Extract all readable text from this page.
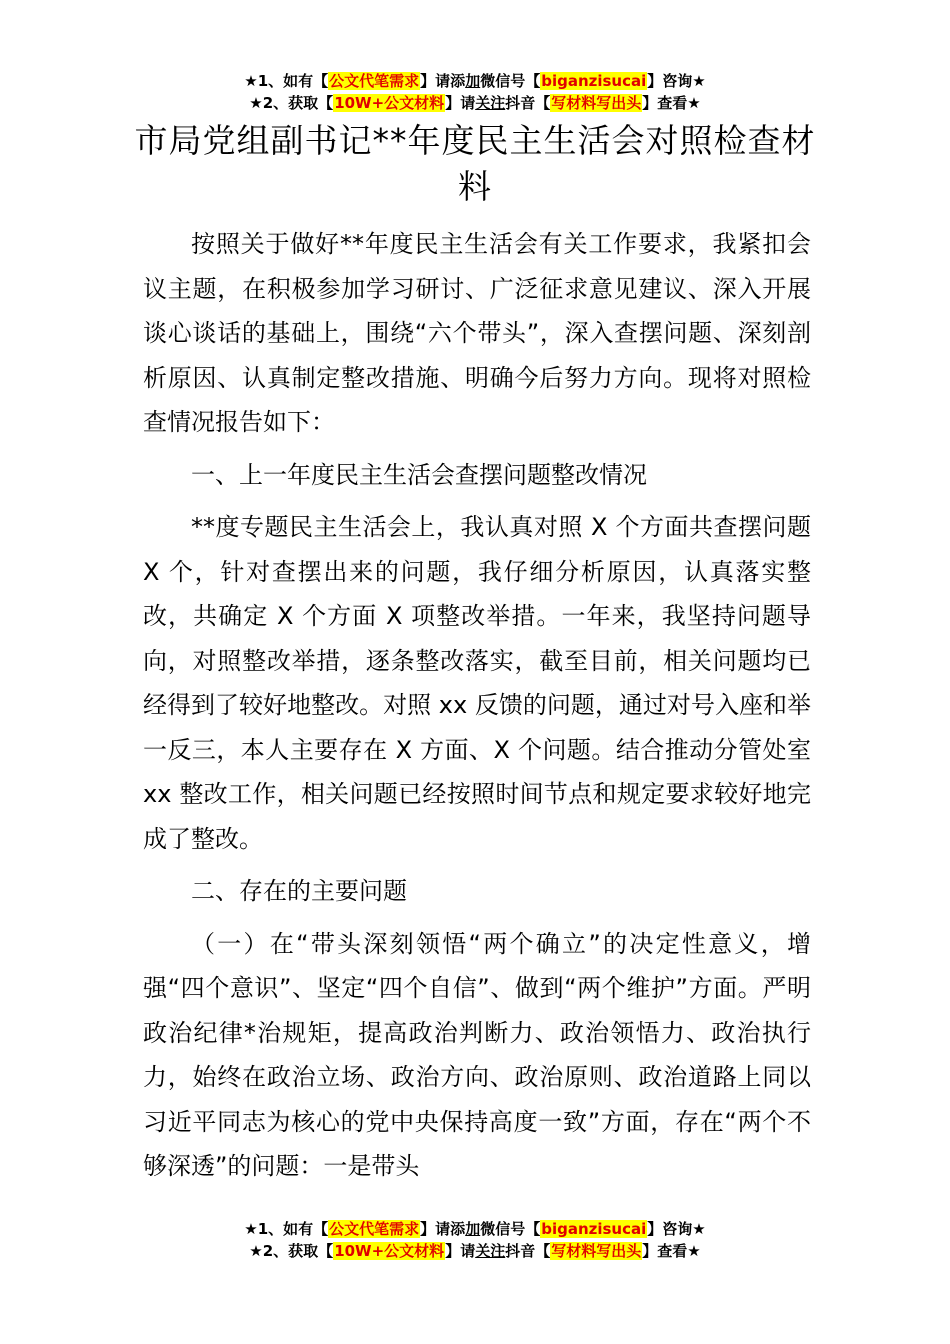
★1、如有【公文代笔需求】请添加微信号【biganzisucai】咨询★
★2、获取【10W+公文材料】请关注抖音【写材料写出头】查看★
市局党组副书记**年度民主生活会对照检查材料

按照关于做好**年度民主生活会有关工作要求，我紧扣会议主题，在积极参加学习研讨、广泛征求意见建议、深入开展谈心谈话的基础上，围绕“六个带头”，深入查摆问题、深刻剖析原因、认真制定整改措施、明确今后努力方向。现将对照检查情况报告如下：

一、上一年度民主生活会查摆问题整改情况

**度专题民主生活会上，我认真对照 X 个方面共查摆问题 X 个，针对查摆出来的问题，我仔细分析原因，认真落实整改，共确定 X 个方面 X 项整改举措。一年来，我坚持问题导向，对照整改举措，逐条整改落实，截至目前，相关问题均已经得到了较好地整改。对照 xx 反馈的问题，通过对号入座和举一反三，本人主要存在 X 方面、X 个问题。结合推动分管处室 xx 整改工作，相关问题已经按照时间节点和规定要求较好地完成了整改。

二、存在的主要问题

（一）在“带头深刻领悟“两个确立”的决定性意义，增强“四个意识”、坚定“四个自信”、做到“两个维护”方面。严明政治纪律*治规矩，提高政治判断力、政治领悟力、政治执行力，始终在政治立场、政治方向、政治原则、政治道路上同以习近平同志为核心的党中央保持高度一致”方面，存在“两个不够深透”的问题：一是带头

★1、如有【公文代笔需求】请添加微信号【biganzisucai】咨询★
★2、获取【10W+公文材料】请关注抖音【写材料写出头】查看★
